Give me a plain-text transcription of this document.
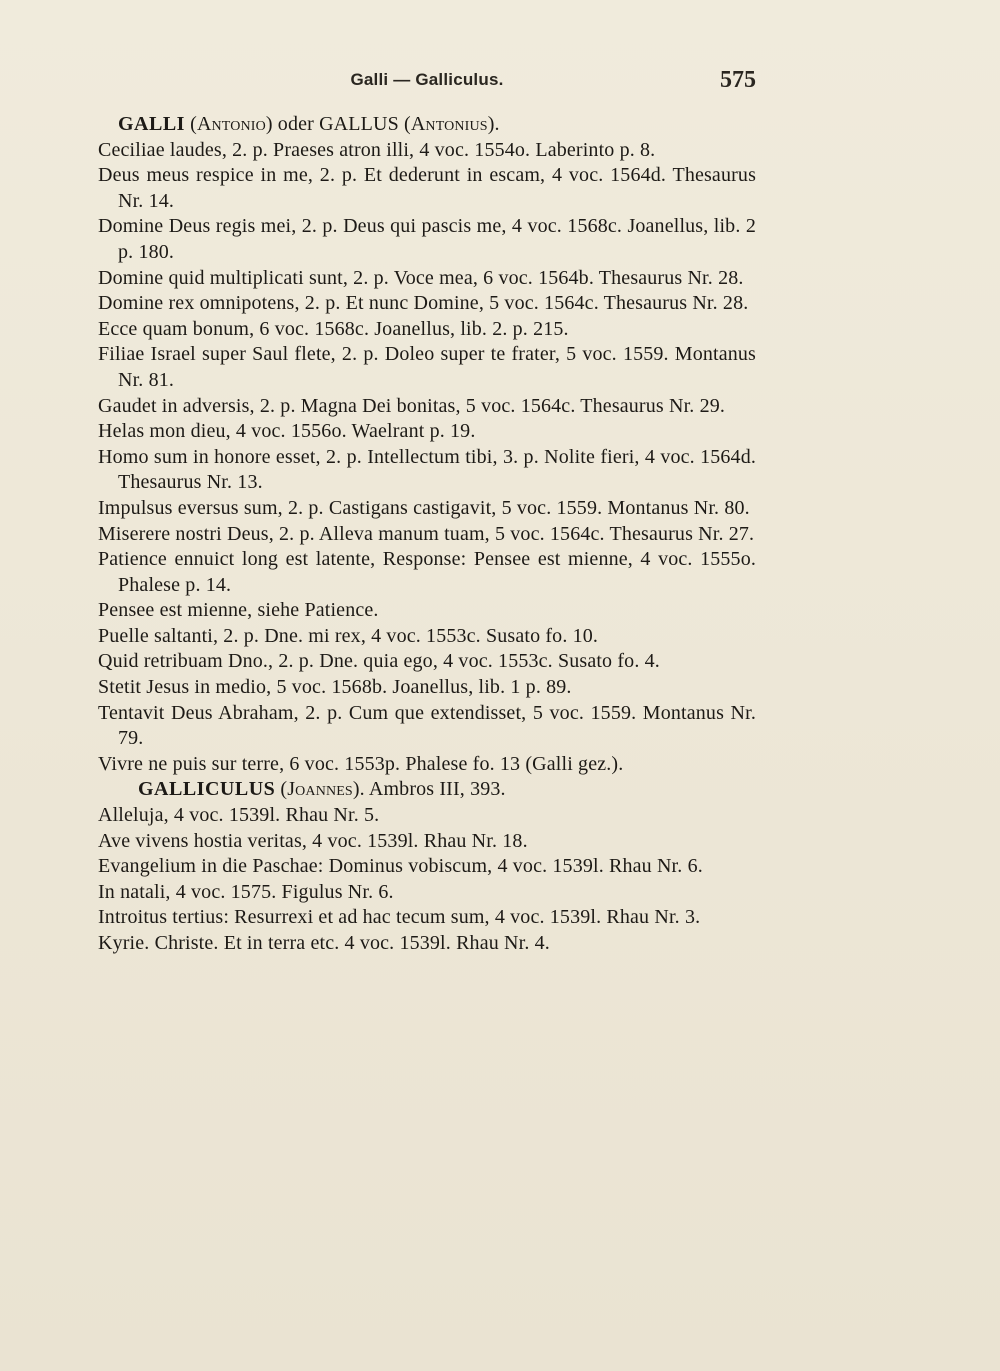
Galli — Galliculus.	575

GALLI (Antonio) oder GALLUS (Antonius).

Ceciliae laudes, 2. p. Praeses atron illi, 4 voc. 1554o. Laberinto p. 8.

Deus meus respice in me, 2. p. Et dederunt in escam, 4 voc. 1564d. Thesaurus Nr. 14.

Domine Deus regis mei, 2. p. Deus qui pascis me, 4 voc. 1568c. Joanellus, lib. 2 p. 180.

Domine quid multiplicati sunt, 2. p. Voce mea, 6 voc. 1564b. Thesaurus Nr. 28.

Domine rex omnipotens, 2. p. Et nunc Domine, 5 voc. 1564c. Thesaurus Nr. 28.

Ecce quam bonum, 6 voc. 1568c. Joanellus, lib. 2. p. 215.

Filiae Israel super Saul flete, 2. p. Doleo super te frater, 5 voc. 1559. Montanus Nr. 81.

Gaudet in adversis, 2. p. Magna Dei bonitas, 5 voc. 1564c. Thesaurus Nr. 29.

Helas mon dieu, 4 voc. 1556o. Waelrant p. 19.

Homo sum in honore esset, 2. p. Intellectum tibi, 3. p. Nolite fieri, 4 voc. 1564d. Thesaurus Nr. 13.

Impulsus eversus sum, 2. p. Castigans castigavit, 5 voc. 1559. Montanus Nr. 80.

Miserere nostri Deus, 2. p. Alleva manum tuam, 5 voc. 1564c. Thesaurus Nr. 27.

Patience ennuict long est latente, Response: Pensee est mienne, 4 voc. 1555o. Phalese p. 14.

Pensee est mienne, siehe Patience.

Puelle saltanti, 2. p. Dne. mi rex, 4 voc. 1553c. Susato fo. 10.

Quid retribuam Dno., 2. p. Dne. quia ego, 4 voc. 1553c. Susato fo. 4.

Stetit Jesus in medio, 5 voc. 1568b. Joanellus, lib. 1 p. 89.

Tentavit Deus Abraham, 2. p. Cum que extendisset, 5 voc. 1559. Montanus Nr. 79.

Vivre ne puis sur terre, 6 voc. 1553p. Phalese fo. 13 (Galli gez.).

GALLICULUS (Joannes). Ambros III, 393.

Alleluja, 4 voc. 1539l. Rhau Nr. 5.

Ave vivens hostia veritas, 4 voc. 1539l. Rhau Nr. 18.

Evangelium in die Paschae: Dominus vobiscum, 4 voc. 1539l. Rhau Nr. 6.

In natali, 4 voc. 1575. Figulus Nr. 6.

Introitus tertius: Resurrexi et ad hac tecum sum, 4 voc. 1539l. Rhau Nr. 3.

Kyrie. Christe. Et in terra etc. 4 voc. 1539l. Rhau Nr. 4.
